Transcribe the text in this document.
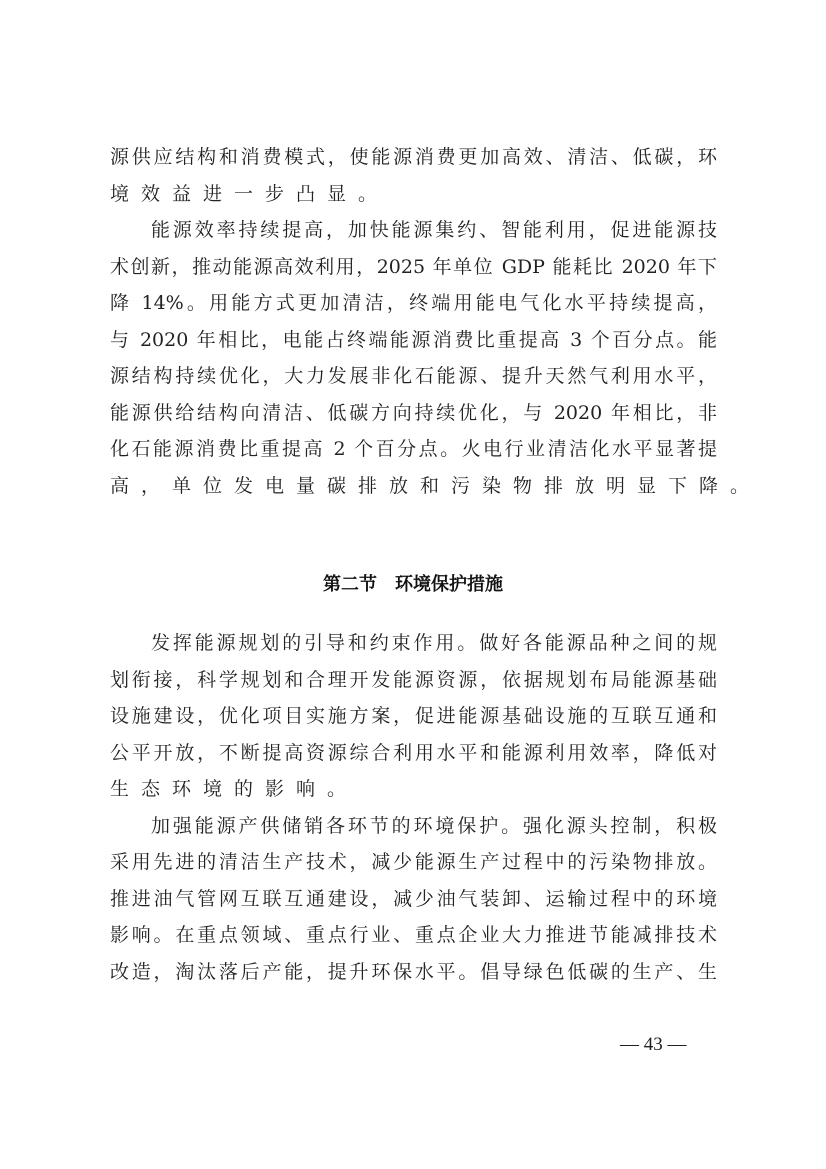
源供应结构和消费模式，使能源消费更加高效、清洁、低碳，环
境效益进一步凸显。
能源效率持续提高，加快能源集约、智能利用，促进能源技
术创新，推动能源高效利用，2025 年单位 GDP 能耗比 2020 年下
降 14%。用能方式更加清洁，终端用能电气化水平持续提高，
与 2020 年相比，电能占终端能源消费比重提高 3 个百分点。能
源结构持续优化，大力发展非化石能源、提升天然气利用水平，
能源供给结构向清洁、低碳方向持续优化，与 2020 年相比，非
化石能源消费比重提高 2 个百分点。火电行业清洁化水平显著提
高，单位发电量碳排放和污染物排放明显下降。
第二节 环境保护措施
发挥能源规划的引导和约束作用。做好各能源品种之间的规
划衔接，科学规划和合理开发能源资源，依据规划布局能源基础
设施建设，优化项目实施方案，促进能源基础设施的互联互通和
公平开放，不断提高资源综合利用水平和能源利用效率，降低对
生态环境的影响。
加强能源产供储销各环节的环境保护。强化源头控制，积极
采用先进的清洁生产技术，减少能源生产过程中的污染物排放。
推进油气管网互联互通建设，减少油气装卸、运输过程中的环境
影响。在重点领域、重点行业、重点企业大力推进节能减排技术
改造，淘汰落后产能，提升环保水平。倡导绿色低碳的生产、生
— 43 —
